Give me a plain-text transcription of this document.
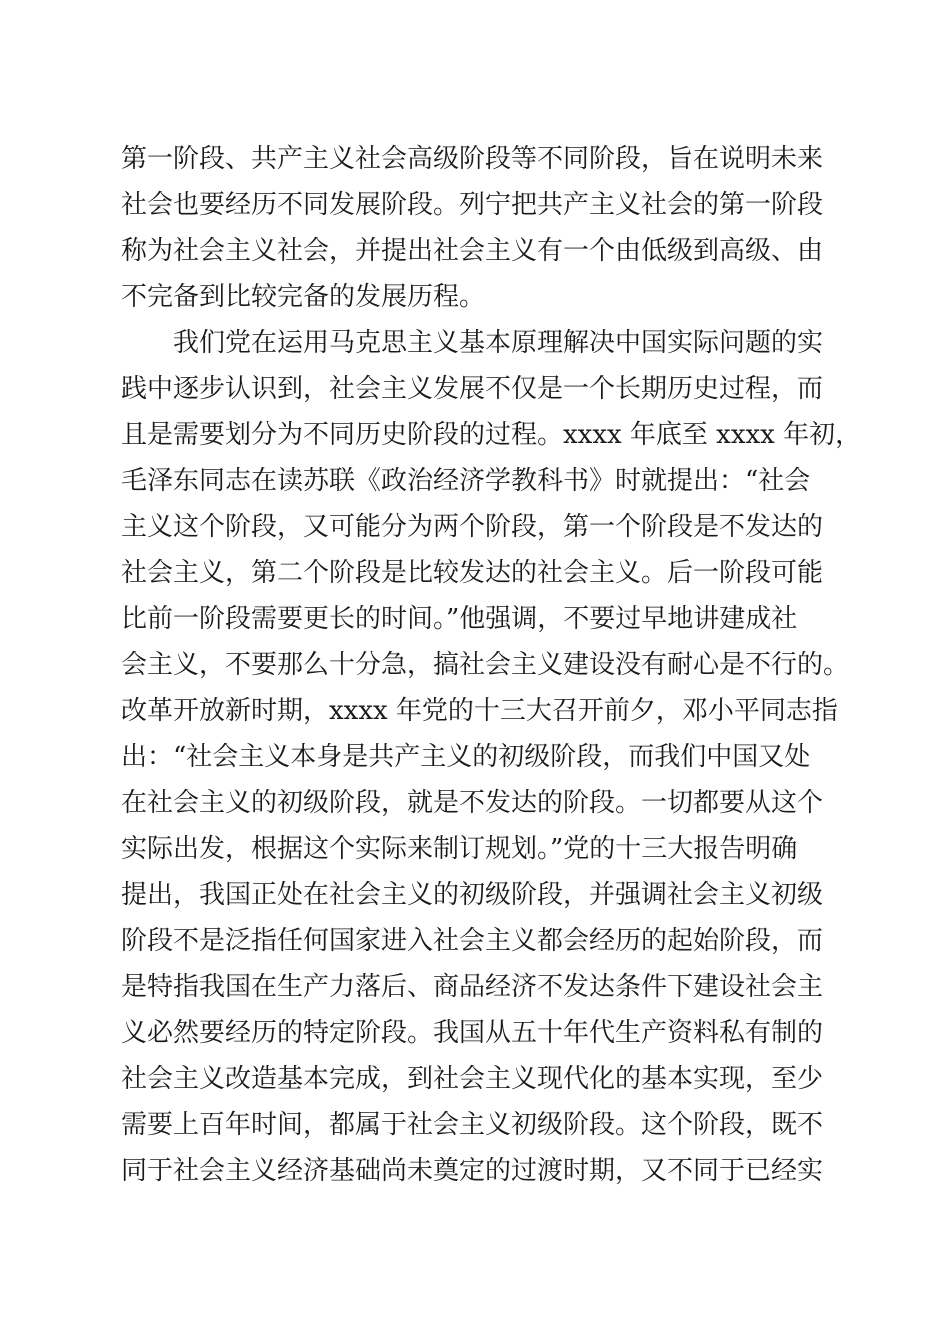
第一阶段、共产主义社会高级阶段等不同阶段，旨在说明未来
社会也要经历不同发展阶段。列宁把共产主义社会的第一阶段
称为社会主义社会，并提出社会主义有一个由低级到高级、由
不完备到比较完备的发展历程。
我们党在运用马克思主义基本原理解决中国实际问题的实
践中逐步认识到，社会主义发展不仅是一个长期历史过程，而
且是需要划分为不同历史阶段的过程。xxxx 年底至 xxxx 年初，
毛泽东同志在读苏联《政治经济学教科书》时就提出：“社会
主义这个阶段，又可能分为两个阶段，第一个阶段是不发达的
社会主义，第二个阶段是比较发达的社会主义。后一阶段可能
比前一阶段需要更长的时间。”他强调，不要过早地讲建成社
会主义，不要那么十分急，搞社会主义建设没有耐心是不行的。
改革开放新时期，xxxx 年党的十三大召开前夕，邓小平同志指
出：“社会主义本身是共产主义的初级阶段，而我们中国又处
在社会主义的初级阶段，就是不发达的阶段。一切都要从这个
实际出发，根据这个实际来制订规划。”党的十三大报告明确
提出，我国正处在社会主义的初级阶段，并强调社会主义初级
阶段不是泛指任何国家进入社会主义都会经历的起始阶段，而
是特指我国在生产力落后、商品经济不发达条件下建设社会主
义必然要经历的特定阶段。我国从五十年代生产资料私有制的
社会主义改造基本完成，到社会主义现代化的基本实现，至少
需要上百年时间，都属于社会主义初级阶段。这个阶段，既不
同于社会主义经济基础尚未奠定的过渡时期，又不同于已经实
